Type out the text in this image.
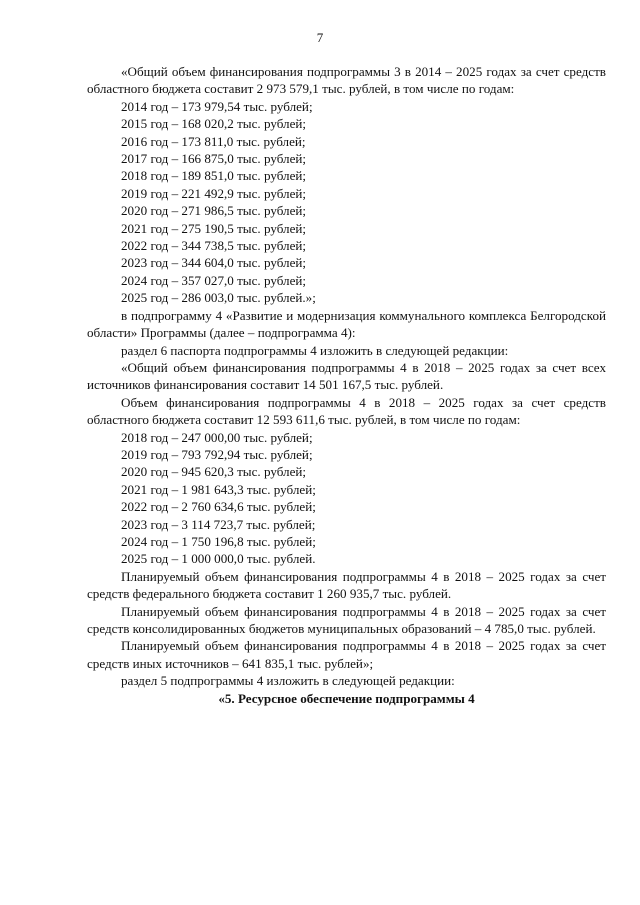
7

«Общий объем финансирования подпрограммы 3 в 2014 – 2025 годах за счет средств областного бюджета составит 2 973 579,1 тыс. рублей, в том числе по годам:

2014 год – 173 979,54 тыс. рублей;
2015 год – 168 020,2 тыс. рублей;
2016 год – 173 811,0 тыс. рублей;
2017 год – 166 875,0 тыс. рублей;
2018 год – 189 851,0 тыс. рублей;
2019 год – 221 492,9 тыс. рублей;
2020 год – 271 986,5 тыс. рублей;
2021 год – 275 190,5 тыс. рублей;
2022 год – 344 738,5 тыс. рублей;
2023 год – 344 604,0 тыс. рублей;
2024 год – 357 027,0 тыс. рублей;
2025 год – 286 003,0 тыс. рублей.»;

в подпрограмму 4 «Развитие и модернизация коммунального комплекса Белгородской области» Программы (далее – подпрограмма 4):

раздел 6 паспорта подпрограммы 4 изложить в следующей редакции:

«Общий объем финансирования подпрограммы 4 в 2018 – 2025 годах за счет всех источников финансирования составит 14 501 167,5 тыс. рублей.

Объем финансирования подпрограммы 4 в 2018 – 2025 годах за счет средств областного бюджета составит 12 593 611,6 тыс. рублей, в том числе по годам:

2018 год – 247 000,00 тыс. рублей;
2019 год – 793 792,94 тыс. рублей;
2020 год – 945 620,3 тыс. рублей;
2021 год – 1 981 643,3 тыс. рублей;
2022 год – 2 760 634,6 тыс. рублей;
2023 год – 3 114 723,7 тыс. рублей;
2024 год – 1 750 196,8 тыс. рублей;
2025 год – 1 000 000,0 тыс. рублей.

Планируемый объем финансирования подпрограммы 4 в 2018 – 2025 годах за счет средств федерального бюджета составит 1 260 935,7 тыс. рублей.

Планируемый объем финансирования подпрограммы 4 в 2018 – 2025 годах за счет средств консолидированных бюджетов муниципальных образований – 4 785,0 тыс. рублей.

Планируемый объем финансирования подпрограммы 4 в 2018 – 2025 годах за счет средств иных источников – 641 835,1 тыс. рублей»;

раздел 5 подпрограммы 4 изложить в следующей редакции:

«5. Ресурсное обеспечение подпрограммы 4
